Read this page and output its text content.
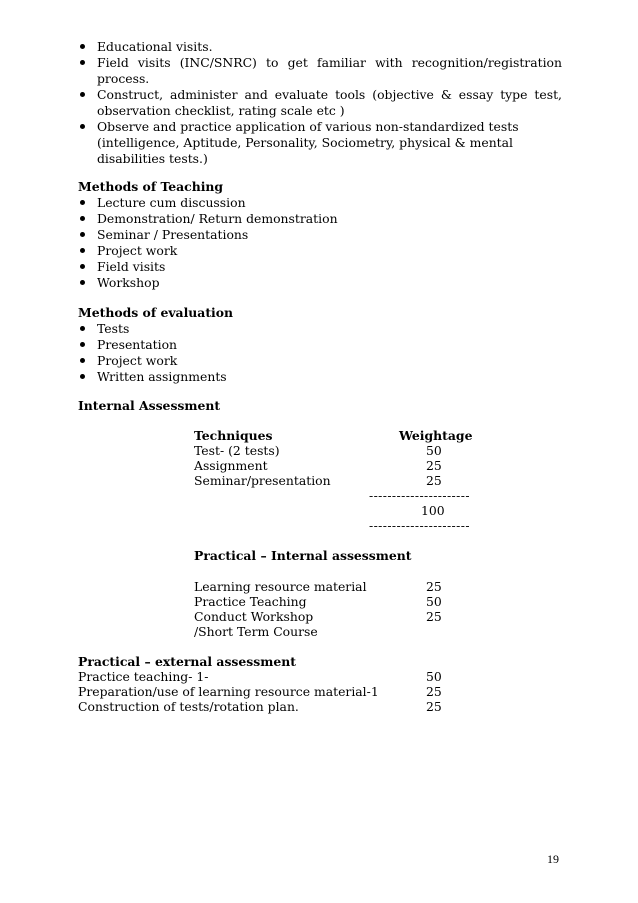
Educational visits.
Field visits (INC/SNRC) to get familiar with recognition/registration
process.
Construct, administer and evaluate tools (objective & essay type test,
observation checklist, rating scale etc )
Observe and practice application of various non-standardized tests
(intelligence, Aptitude, Personality, Sociometry, physical & mental
disabilities tests.)
Methods of Teaching
Lecture cum discussion
Demonstration/ Return demonstration
Seminar / Presentations
Project work
Field visits
Workshop
Methods of evaluation
Tests
Presentation
Project work
Written assignments
Internal Assessment
Techniques	Weightage
Test- (2 tests)	50
Assignment	25
Seminar/presentation	25
----------------------
100
----------------------
Practical – Internal assessment
Learning resource material	25
Practice Teaching	50
Conduct Workshop	25
/Short Term Course
Practical – external assessment
Practice teaching- 1-	50
Preparation/use of learning resource material-1	25
Construction of tests/rotation plan.	25
19
